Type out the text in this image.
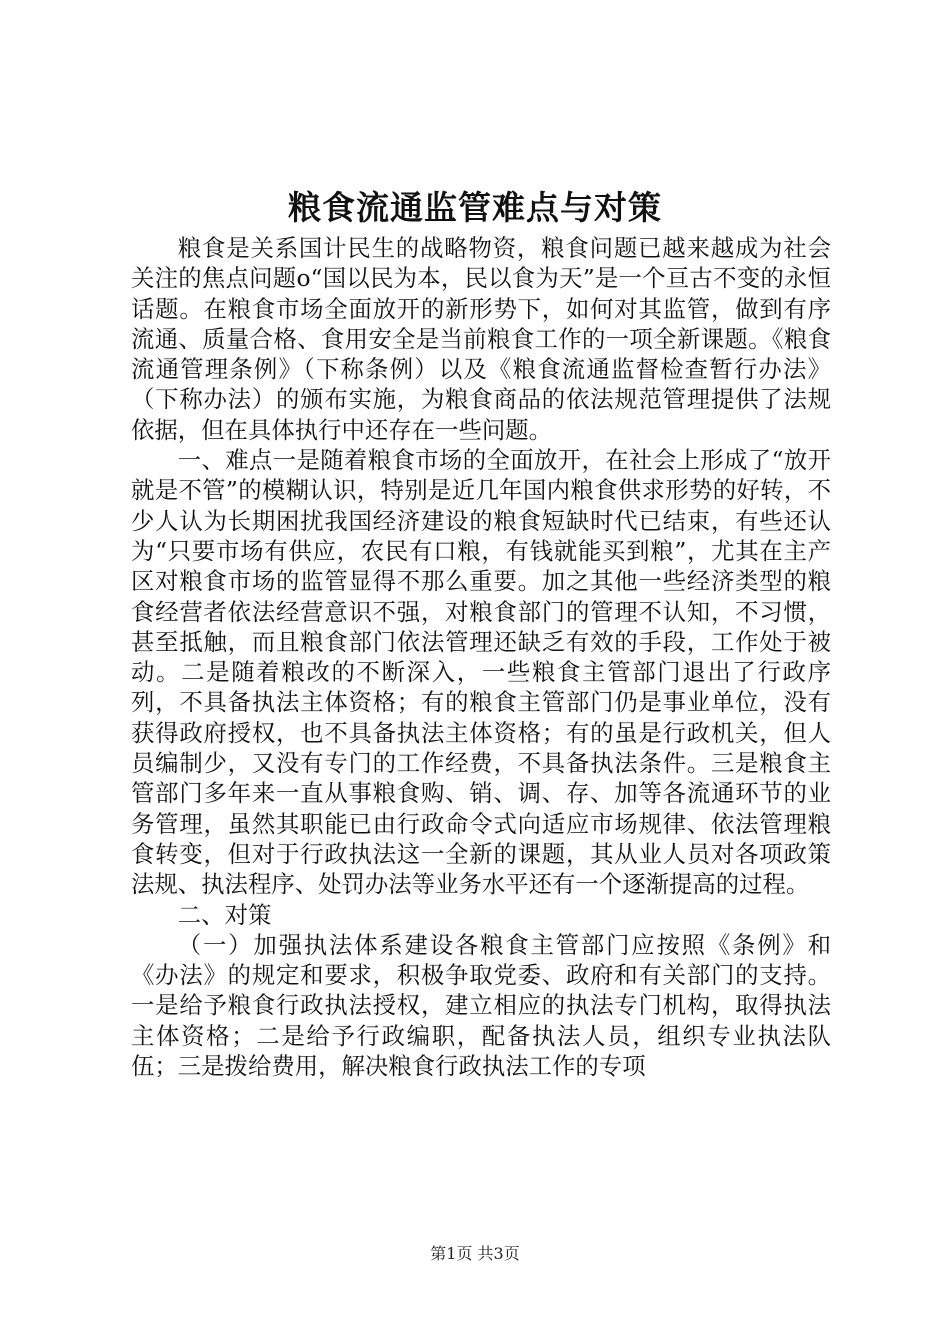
粮食流通监管难点与对策

粮食是关系国计民生的战略物资，粮食问题已越来越成为社会关注的焦点问题o“国以民为本，民以食为天”是一个亘古不变的永恒话题。在粮食市场全面放开的新形势下，如何对其监管，做到有序流通、质量合格、食用安全是当前粮食工作的一项全新课题。《粮食流通管理条例》（下称条例）以及《粮食流通监督检查暂行办法》（下称办法）的颁布实施，为粮食商品的依法规范管理提供了法规依据，但在具体执行中还存在一些问题。

一、难点一是随着粮食市场的全面放开，在社会上形成了“放开就是不管”的模糊认识，特别是近几年国内粮食供求形势的好转，不少人认为长期困扰我国经济建设的粮食短缺时代已结束，有些还认为“只要市场有供应，农民有口粮，有钱就能买到粮”，尤其在主产区对粮食市场的监管显得不那么重要。加之其他一些经济类型的粮食经营者依法经营意识不强，对粮食部门的管理不认知，不习惯，甚至抵触，而且粮食部门依法管理还缺乏有效的手段，工作处于被动。二是随着粮改的不断深入，一些粮食主管部门退出了行政序列，不具备执法主体资格；有的粮食主管部门仍是事业单位，没有获得政府授权，也不具备执法主体资格；有的虽是行政机关，但人员编制少，又没有专门的工作经费，不具备执法条件。三是粮食主管部门多年来一直从事粮食购、销、调、存、加等各流通环节的业务管理，虽然其职能已由行政命令式向适应市场规律、依法管理粮食转变，但对于行政执法这一全新的课题，其从业人员对各项政策法规、执法程序、处罚办法等业务水平还有一个逐渐提高的过程。

二、对策

（一）加强执法体系建设各粮食主管部门应按照《条例》和《办法》的规定和要求，积极争取党委、政府和有关部门的支持。一是给予粮食行政执法授权，建立相应的执法专门机构，取得执法主体资格；二是给予行政编职，配备执法人员，组织专业执法队伍；三是拨给费用，解决粮食行政执法工作的专项

第1页 共3页
